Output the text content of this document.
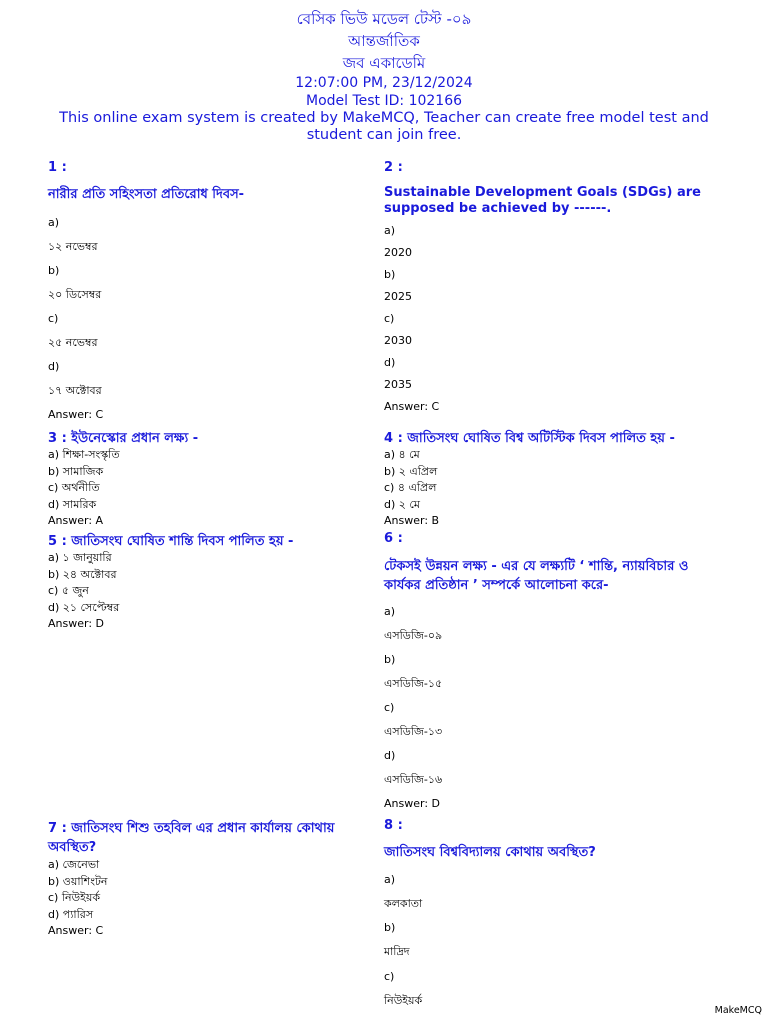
বেসিক ভিউ মডেল টেস্ট -০৯
আন্তর্জাতিক
জব একাডেমি
12:07:00 PM, 23/12/2024
Model Test ID: 102166
This online exam system is created by MakeMCQ, Teacher can create free model test and student can join free.
1 :
নারীর প্রতি সহিংসতা প্রতিরোধ দিবস-
a)
১২ নভেম্বর
b)
২০ ডিসেম্বর
c)
২৫ নভেম্বর
d)
১৭ অক্টোবর
Answer: C
2 :
Sustainable Development Goals (SDGs) are supposed be achieved by ------.
a)
2020
b)
2025
c)
2030
d)
2035
Answer: C
3 : ইউনেস্কোর প্রধান লক্ষ্য -
a) শিক্ষা-সংস্কৃতি
b) সামাজিক
c) অর্থনীতি
d) সামরিক
Answer: A
4 : জাতিসংঘ ঘোষিত বিশ্ব অটিস্টিক দিবস পালিত হয় -
a) ৪ মে
b) ২ এপ্রিল
c) ৪ এপ্রিল
d) ২ মে
Answer: B
5 : জাতিসংঘ ঘোষিত শান্তি দিবস পালিত হয় -
a) ১ জানুয়ারি
b) ২৪ অক্টোবর
c) ৫ জুন
d) ২১ সেপ্টেম্বর
Answer: D
6 :
টেকসই উন্নয়ন লক্ষ্য - এর যে লক্ষ্যটি ‘ শান্তি, ন্যায়বিচার ও কার্যকর প্রতিষ্ঠান ’ সম্পর্কে আলোচনা করে-
a)
এসডিজি-০৯
b)
এসডিজি-১৫
c)
এসডিজি-১৩
d)
এসডিজি-১৬
Answer: D
7 : জাতিসংঘ শিশু তহবিল এর প্রধান কার্যালয় কোথায় অবস্থিত?
a) জেনেভা
b) ওয়াশিংটন
c) নিউইয়র্ক
d) প্যারিস
Answer: C
8 :
জাতিসংঘ বিশ্ববিদ্যালয় কোথায় অবস্থিত?
a)
কলকাতা
b)
মাদ্রিদ
c)
নিউইয়র্ক
MakeMCQ
